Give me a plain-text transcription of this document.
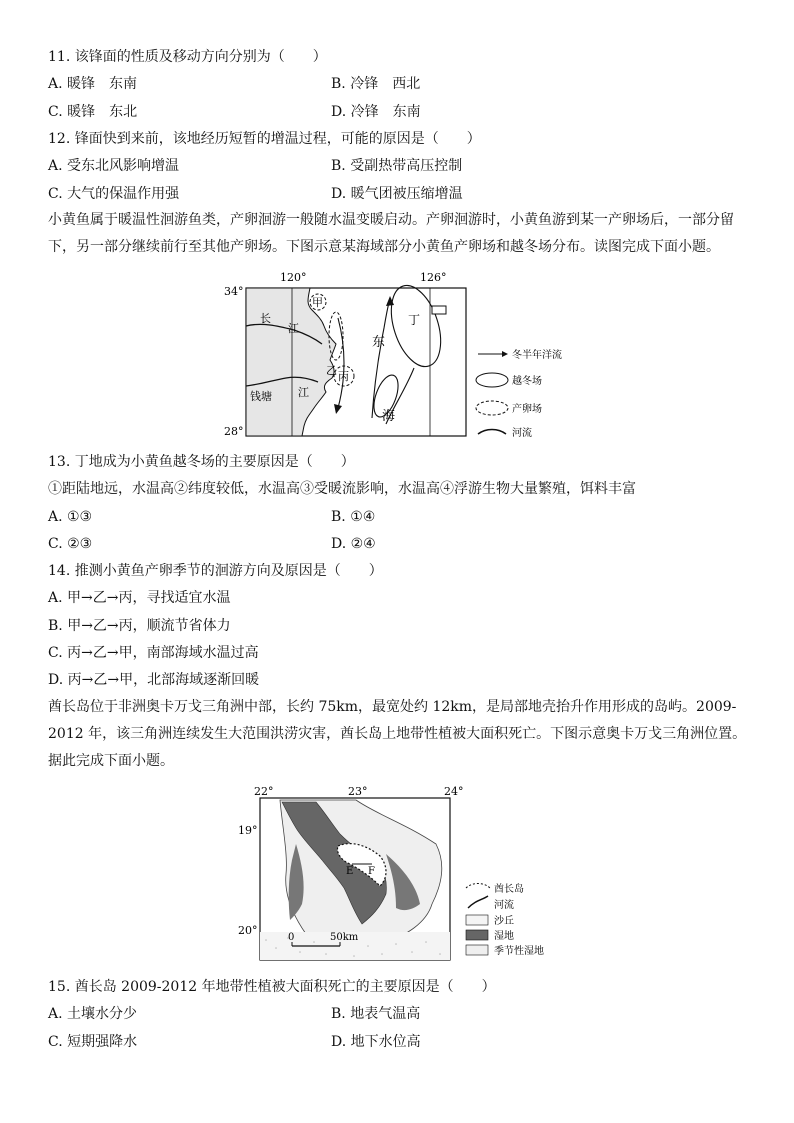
11. 该锋面的性质及移动方向分别为（　　）
A. 暖锋　东南	B. 冷锋　西北
C. 暖锋　东北	D. 冷锋　东南
12. 锋面快到来前，该地经历短暂的增温过程，可能的原因是（　　）
A. 受东北风影响增温	B. 受副热带高压控制
C. 大气的保温作用强	D. 暖气团被压缩增温
小黄鱼属于暖温性洄游鱼类，产卵洄游一般随水温变暖启动。产卵洄游时，小黄鱼游到某一产卵场后，一部分留下，另一部分继续前行至其他产卵场。下图示意某海域部分小黄鱼产卵场和越冬场分布。读图完成下面小题。
120°	126°
34°
28°
长
江
钱塘 江
甲
乙 丙
丁
东
海
冬半年洋流
越冬场
产卵场
河流
13. 丁地成为小黄鱼越冬场的主要原因是（　　）
①距陆地远，水温高②纬度较低，水温高③受暖流影响，水温高④浮游生物大量繁殖，饵料丰富
A. ①③	B. ①④
C. ②③	D. ②④
14. 推测小黄鱼产卵季节的洄游方向及原因是（　　）
A. 甲→乙→丙，寻找适宜水温
B. 甲→乙→丙，顺流节省体力
C. 丙→乙→甲，南部海域水温过高
D. 丙→乙→甲，北部海域逐渐回暖
酋长岛位于非洲奥卡万戈三角洲中部，长约 75km，最宽处约 12km，是局部地壳抬升作用形成的岛屿。2009-2012 年，该三角洲连续发生大范围洪涝灾害，酋长岛上地带性植被大面积死亡。下图示意奥卡万戈三角洲位置。据此完成下面小题。
22°	23°	24°
19°
20°
E F
0	50km
酋长岛
河流
沙丘
湿地
季节性湿地
15. 酋长岛 2009-2012 年地带性植被大面积死亡的主要原因是（　　）
A. 土壤水分少	B. 地表气温高
C. 短期强降水	D. 地下水位高
